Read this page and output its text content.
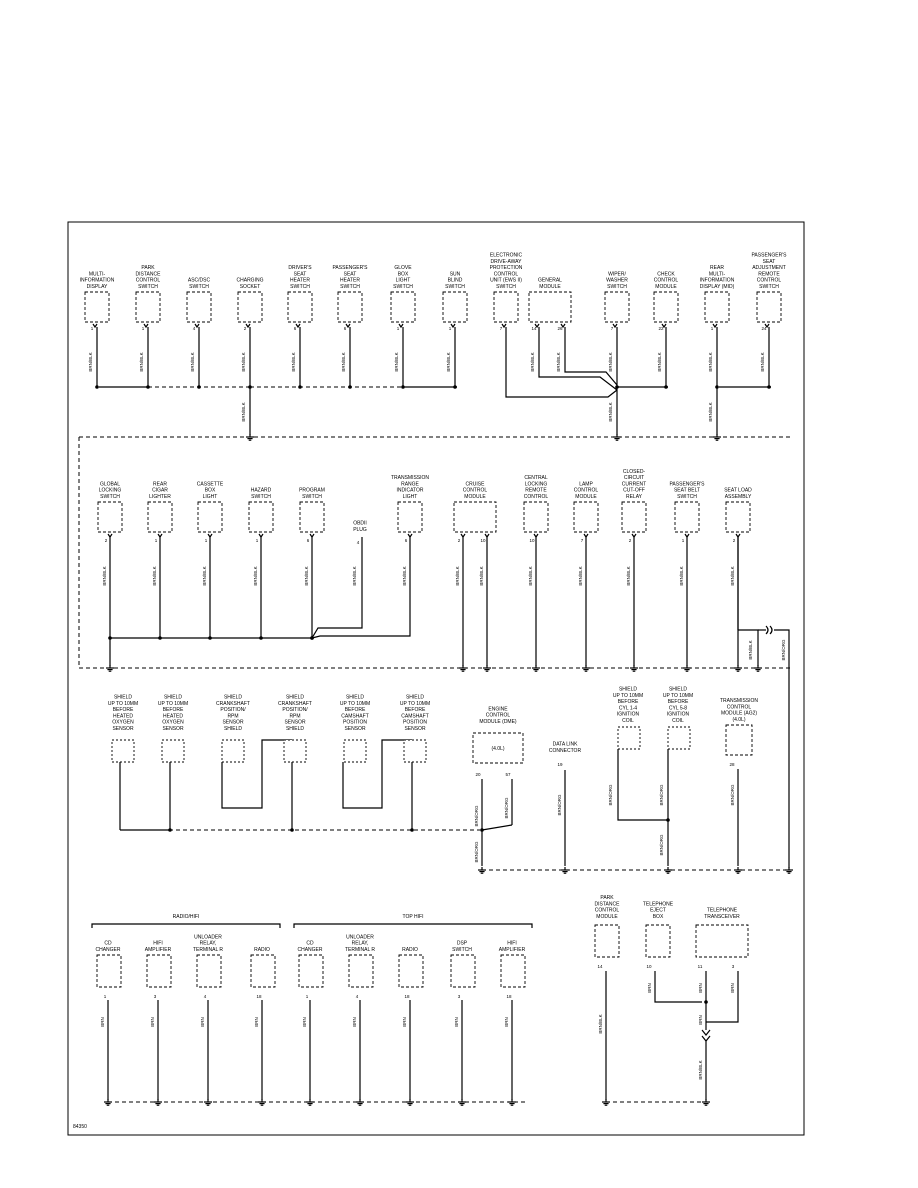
MULTI-
INFORMATION
DISPLAY
1
BRN/BLK
PARK
DISTANCE
CONTROL
SWITCH
1
BRN/BLK
ASC/DSC
SWITCH
4
BRN/BLK
CHARGING
SOCKET
2
BRN/BLK
DRIVER'S
SEAT
HEATER
SWITCH
6
BRN/BLK
PASSENGER'S
SEAT
HEATER
SWITCH
6
BRN/BLK
GLOVE
BOX
LIGHT
SWITCH
1
BRN/BLK
SUN
BLIND
SWITCH
1
BRN/BLK
ELECTRONIC
DRIVE-AWAY
PROTECTION
CONTROL
UNIT (EWS II)
SWITCH
7
GENERAL
MODULE
14	26
BRN/BLK	BRN/BLK
WIPER/
WASHER
SWITCH
7
BRN/BLK
CHECK
CONTROL
MODULE
22
BRN/BLK
REAR
MULTI-
INFORMATION
DISPLAY (MID)
1
BRN/BLK
PASSENGER'S
SEAT
ADJUSTMENT
REMOTE
CONTROL
SWITCH
24
BRN/BLK
BRN/BLK	BRN/BLK	BRN/BLK
GLOBAL
LOCKING
SWITCH
2
BRN/BLK
REAR
CIGAR
LIGHTER
1
BRN/BLK
CASSETTE
BOX
LIGHT
1
BRN/BLK
HAZARD
SWITCH
1
BRN/BLK
PROGRAM
SWITCH
6
BRN/BLK
OBDII
PLUG
4
BRN/BLK
TRANSMISSION
RANGE
INDICATOR
LIGHT
6
BRN/BLK
CRUISE
CONTROL
MODULE
2	10
BRN/BLK	BRN/BLK
CENTRAL
LOCKING
REMOTE
CONTROL
10
BRN/BLK
LAMP
CONTROL
MODULE
7
BRN/BLK
CLOSED-
CIRCUIT
CURRENT
CUT-OFF
RELAY
2
BRN/BLK
PASSENGER'S
SEAT BELT
SWITCH
1
BRN/BLK
SEAT LOAD
ASSEMBLY
2
BRN/BLK
BRN/BLK	BRN/ORG
SHIELD
UP TO 10MM
BEFORE
HEATED
OXYGEN
SENSOR
SHIELD
UP TO 10MM
BEFORE
HEATED
OXYGEN
SENSOR
SHIELD
CRANKSHAFT
POSITION/
RPM
SENSOR
SHIELD
SHIELD
CRANKSHAFT
POSITION/
RPM
SENSOR
SHIELD
SHIELD
UP TO 10MM
BEFORE
CAMSHAFT
POSITION
SENSOR
SHIELD
UP TO 10MM
BEFORE
CAMSHAFT
POSITION
SENSOR
(4.0L)
ENGINE
CONTROL
MODULE (DME)
20	57
BRN/ORG	BRN/ORG
BRN/ORG
DATA LINK
CONNECTOR
19
BRN/ORG
SHIELD
UP TO 10MM
BEFORE
CYL 1-4
IGNITION
COIL
SHIELD
UP TO 10MM
BEFORE
CYL 5-8
IGNITION
COIL
BRN/ORG	BRN/ORG
BRN/ORG
TRANSMISSION
CONTROL
MODULE (AG2)
(4.0L)
28
BRN/ORG
RADIO/HIFI
CD
CHANGER
1
BRN
HIFI
AMPLIFIER
3
BRN
UNLOADER
RELAY,
TERMINAL R
4
BRN
RADIO
18
BRN
TOP HIFI
CD
CHANGER
1
BRN
UNLOADER
RELAY,
TERMINAL R
4
BRN
RADIO
18
BRN
DSP
SWITCH
3
BRN
HIFI
AMPLIFIER
18
BRN
PARK
DISTANCE
CONTROL
MODULE
14
BRN/BLK
TELEPHONE
EJECT
BOX
10
BRN
TELEPHONE
TRANSCEIVER
11	3
BRN	BRN
BRN
BRN/BLK
84350
